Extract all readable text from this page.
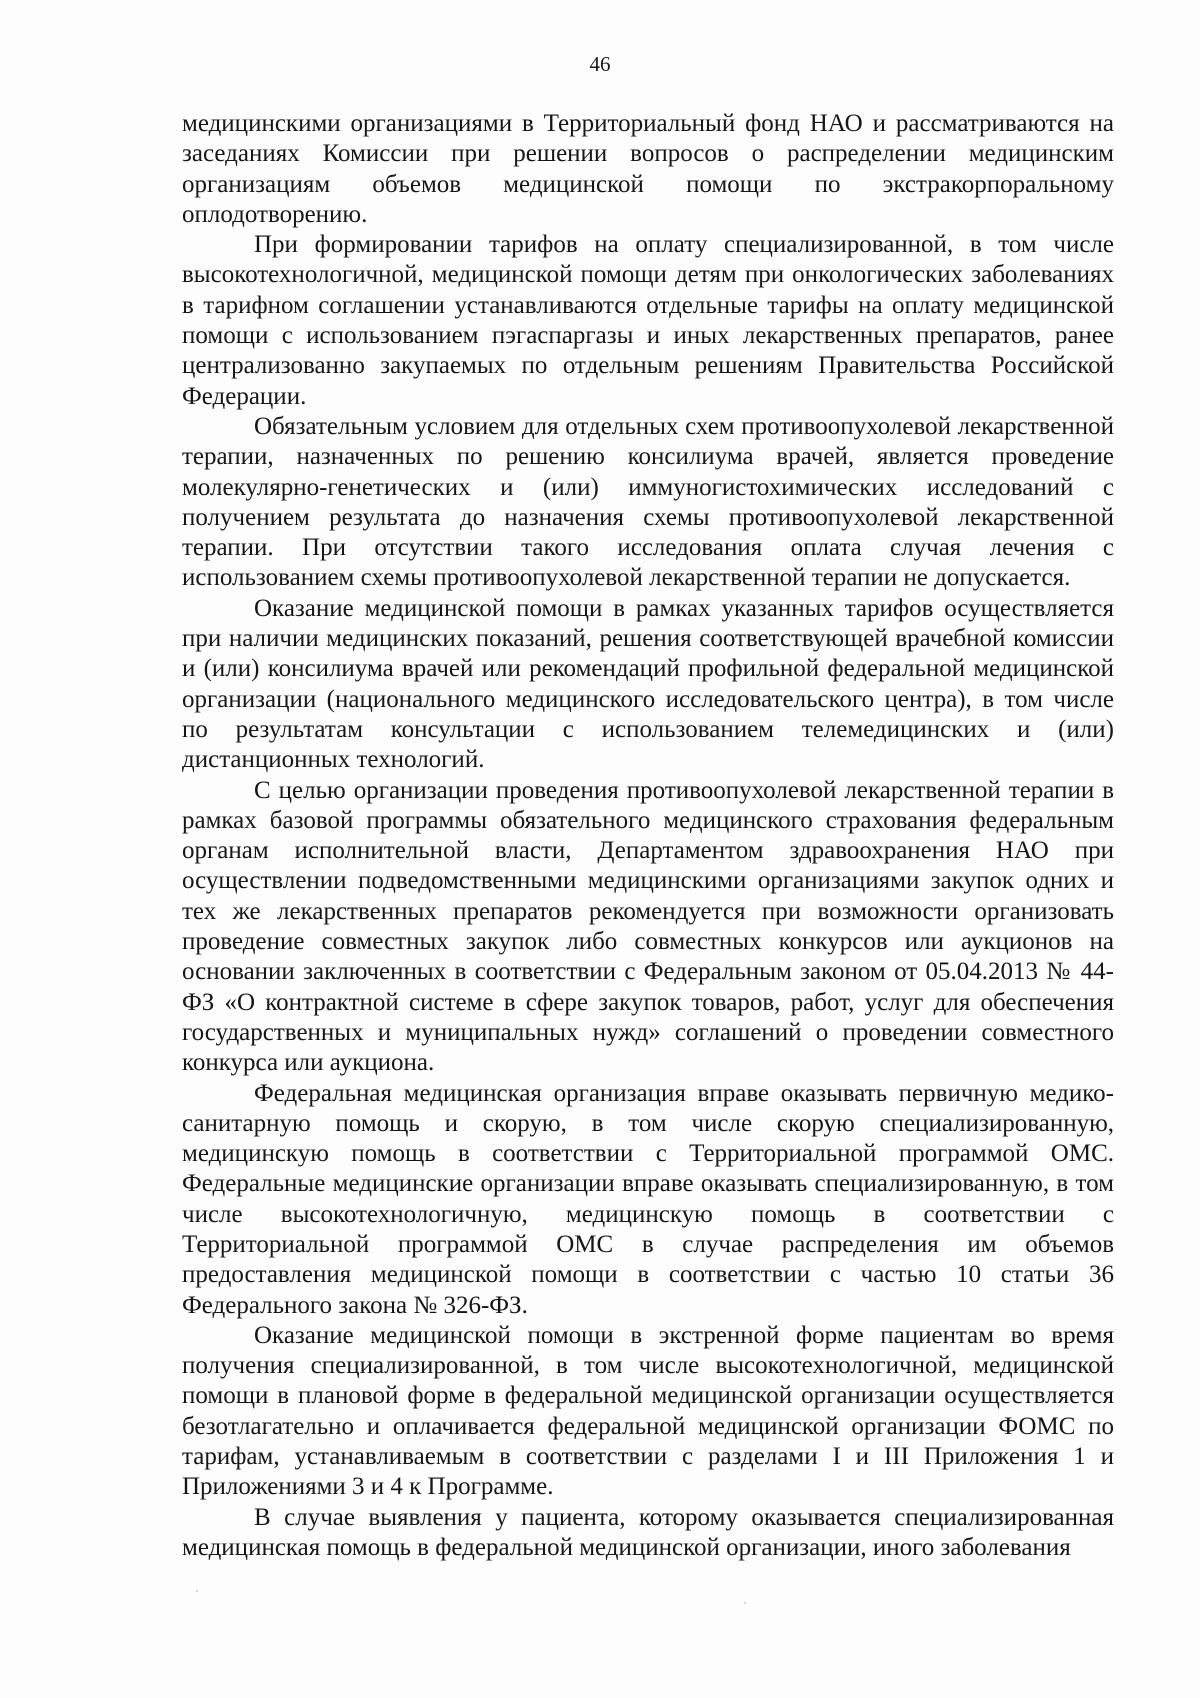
46

медицинскими организациями в Территориальный фонд НАО и рассматриваются на заседаниях Комиссии при решении вопросов о распределении медицинским организациям объемов медицинской помощи по экстракорпоральному оплодотворению.

При формировании тарифов на оплату специализированной, в том числе высокотехнологичной, медицинской помощи детям при онкологических заболеваниях в тарифном соглашении устанавливаются отдельные тарифы на оплату медицинской помощи с использованием пэгаспаргазы и иных лекарственных препаратов, ранее централизованно закупаемых по отдельным решениям Правительства Российской Федерации.

Обязательным условием для отдельных схем противоопухолевой лекарственной терапии, назначенных по решению консилиума врачей, является проведение молекулярно-генетических и (или) иммуногистохимических исследований с получением результата до назначения схемы противоопухолевой лекарственной терапии. При отсутствии такого исследования оплата случая лечения с использованием схемы противоопухолевой лекарственной терапии не допускается.

Оказание медицинской помощи в рамках указанных тарифов осуществляется при наличии медицинских показаний, решения соответствующей врачебной комиссии и (или) консилиума врачей или рекомендаций профильной федеральной медицинской организации (национального медицинского исследовательского центра), в том числе по результатам консультации с использованием телемедицинских и (или) дистанционных технологий.

С целью организации проведения противоопухолевой лекарственной терапии в рамках базовой программы обязательного медицинского страхования федеральным органам исполнительной власти, Департаментом здравоохранения НАО при осуществлении подведомственными медицинскими организациями закупок одних и тех же лекарственных препаратов рекомендуется при возможности организовать проведение совместных закупок либо совместных конкурсов или аукционов на основании заключенных в соответствии с Федеральным законом от 05.04.2013 № 44-ФЗ «О контрактной системе в сфере закупок товаров, работ, услуг для обеспечения государственных и муниципальных нужд» соглашений о проведении совместного конкурса или аукциона.

Федеральная медицинская организация вправе оказывать первичную медико-санитарную помощь и скорую, в том числе скорую специализированную, медицинскую помощь в соответствии с Территориальной программой ОМС. Федеральные медицинские организации вправе оказывать специализированную, в том числе высокотехнологичную, медицинскую помощь в соответствии с Территориальной программой ОМС в случае распределения им объемов предоставления медицинской помощи в соответствии с частью 10 статьи 36 Федерального закона № 326-ФЗ.

Оказание медицинской помощи в экстренной форме пациентам во время получения специализированной, в том числе высокотехнологичной, медицинской помощи в плановой форме в федеральной медицинской организации осуществляется безотлагательно и оплачивается федеральной медицинской организации ФОМС по тарифам, устанавливаемым в соответствии с разделами I и III Приложения 1 и Приложениями 3 и 4 к Программе.

В случае выявления у пациента, которому оказывается специализированная медицинская помощь в федеральной медицинской организации, иного заболевания
